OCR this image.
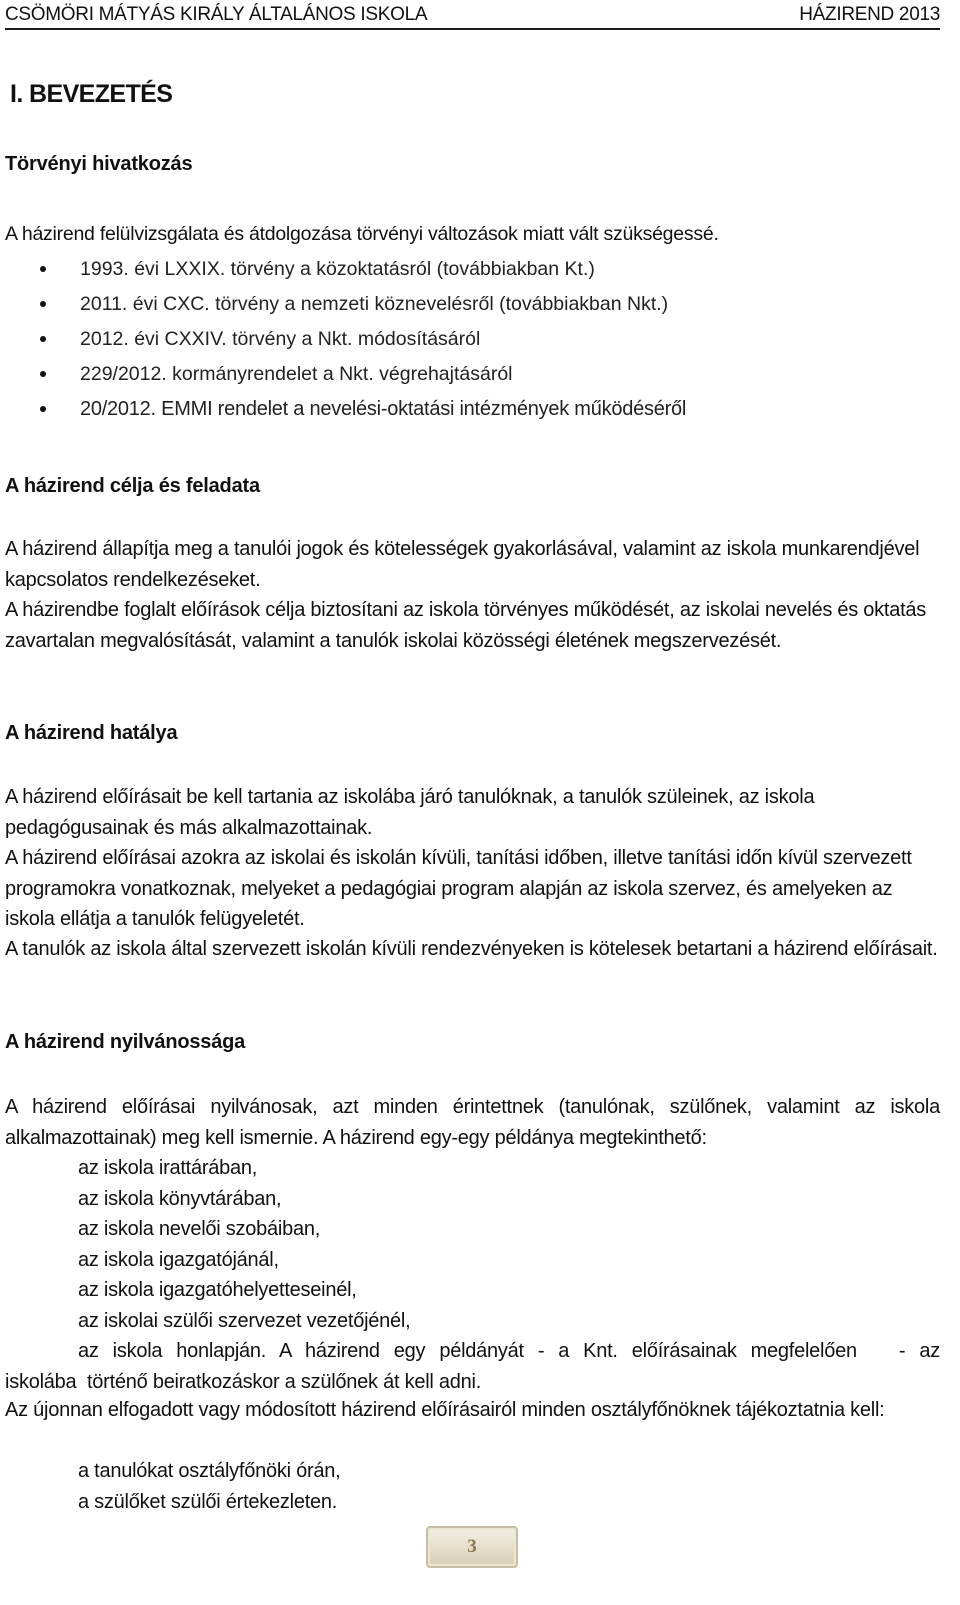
CSÖMÖRI MÁTYÁS KIRÁLY ÁLTALÁNOS ISKOLA	HÁZIREND 2013
I. BEVEZETÉS
Törvényi hivatkozás
A házirend felülvizsgálata és átdolgozása törvényi változások miatt vált szükségessé.
1993. évi LXXIX. törvény a közoktatásról (továbbiakban Kt.)
2011. évi CXC. törvény a nemzeti köznevelésről (továbbiakban Nkt.)
2012. évi CXXIV. törvény a Nkt. módosításáról
229/2012. kormányrendelet a Nkt. végrehajtásáról
20/2012. EMMI rendelet a nevelési-oktatási intézmények működéséről
A házirend célja és feladata
A házirend állapítja meg a tanulói jogok és kötelességek gyakorlásával, valamint az iskola munkarendjével kapcsolatos rendelkezéseket.
A házirendbe foglalt előírások célja biztosítani az iskola törvényes működését, az iskolai nevelés és oktatás zavartalan megvalósítását, valamint a tanulók iskolai közösségi életének megszervezését.
A házirend hatálya
A házirend előírásait be kell tartania az iskolába járó tanulóknak, a tanulók szüleinek, az iskola pedagógusainak és más alkalmazottainak.
A házirend előírásai azokra az iskolai és iskolán kívüli, tanítási időben, illetve tanítási időn kívül szervezett programokra vonatkoznak, melyeket a pedagógiai program alapján az iskola szervez, és amelyeken az iskola ellátja a tanulók felügyeletét.
A tanulók az iskola által szervezett iskolán kívüli rendezvényeken is kötelesek betartani a házirend előírásait.
A házirend nyilvánossága
A házirend előírásai nyilvánosak, azt minden érintettnek (tanulónak, szülőnek, valamint az iskola alkalmazottainak) meg kell ismernie. A házirend egy-egy példánya megtekinthető:
az iskola irattárában,
az iskola könyvtárában,
az iskola nevelői szobáiban,
az iskola igazgatójánál,
az iskola igazgatóhelyetteseinél,
az iskolai szülői szervezet vezetőjénél,
az iskola honlapján. A házirend egy példányát - a Knt. előírásainak megfelelően   - az
iskolába  történő beiratkozáskor a szülőnek át kell adni.
Az újonnan elfogadott vagy módosított házirend előírásairól minden osztályfőnöknek tájékoztatnia kell:
a tanulókat osztályfőnöki órán,
a szülőket szülői értekezleten.
3
